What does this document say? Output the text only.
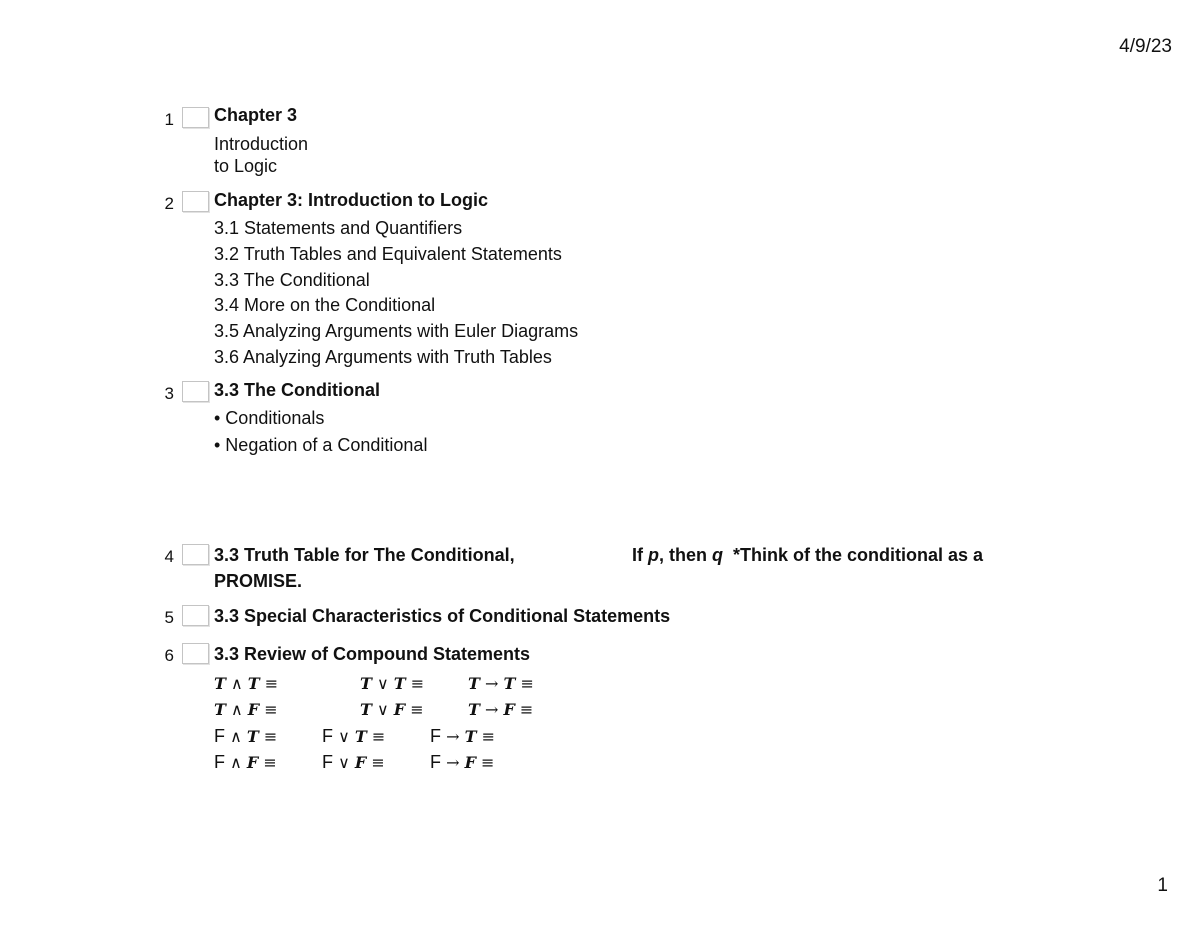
4/9/23
1
1 Chapter 3
Introduction
to Logic
2 Chapter 3: Introduction to Logic
3.1 Statements and Quantifiers
3.2 Truth Tables and Equivalent Statements
3.3 The Conditional
3.4 More on the Conditional
3.5 Analyzing Arguments with Euler Diagrams
3.6 Analyzing Arguments with Truth Tables
3 3.3 The Conditional
• Conditionals
• Negation of a Conditional
4 3.3 Truth Table for The Conditional,	If p, then q  *Think of the conditional as a
PROMISE.
5 3.3 Special Characteristics of Conditional Statements
6 3.3 Review of Compound Statements
T ∧ T ≡	T ∨ T ≡	T → T ≡
T ∧ F ≡	T ∨ F ≡	T → F ≡
F ∧ T ≡ F ∨ T ≡ F → T ≡
F ∧ F ≡	F ∨ F ≡	F → F ≡
